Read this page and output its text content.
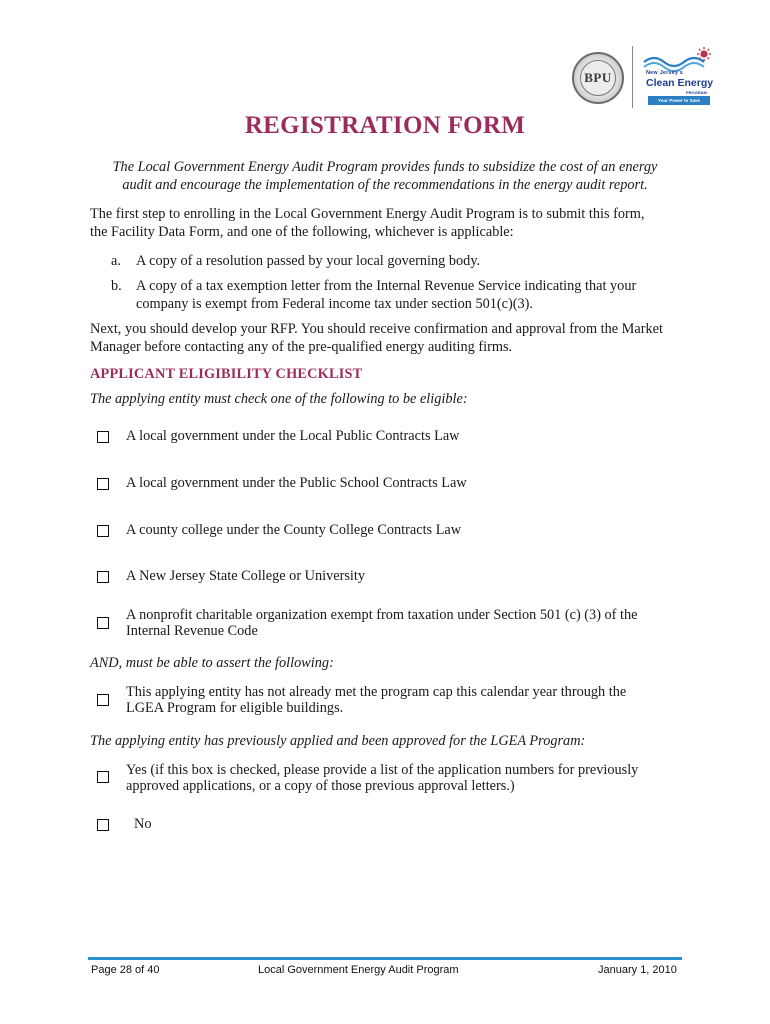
BPU	New Jersey's
Clean Energy
PROGRAM
Your Power to Save
REGISTRATION FORM
The Local Government Energy Audit Program provides funds to subsidize the cost of an energy
audit and encourage the implementation of the recommendations in the energy audit report.
The first step to enrolling in the Local Government Energy Audit Program is to submit this form,
the Facility Data Form, and one of the following, whichever is applicable:
a. A copy of a resolution passed by your local governing body.
b. A copy of a tax exemption letter from the Internal Revenue Service indicating that your
company is exempt from Federal income tax under section 501(c)(3).
Next, you should develop your RFP. You should receive confirmation and approval from the Market
Manager before contacting any of the pre-qualified energy auditing firms.
APPLICANT ELIGIBILITY CHECKLIST
The applying entity must check one of the following to be eligible:
A local government under the Local Public Contracts Law
A local government under the Public School Contracts Law
A county college under the County College Contracts Law
A New Jersey State College or University
A nonprofit charitable organization exempt from taxation under Section 501 (c) (3) of the
Internal Revenue Code
AND, must be able to assert the following:
This applying entity has not already met the program cap this calendar year through the
LGEA Program for eligible buildings.
The applying entity has previously applied and been approved for the LGEA Program:
Yes (if this box is checked, please provide a list of the application numbers for previously
approved applications, or a copy of those previous approval letters.)
No
Page 28 of 40	Local Government Energy Audit Program	January 1, 2010
